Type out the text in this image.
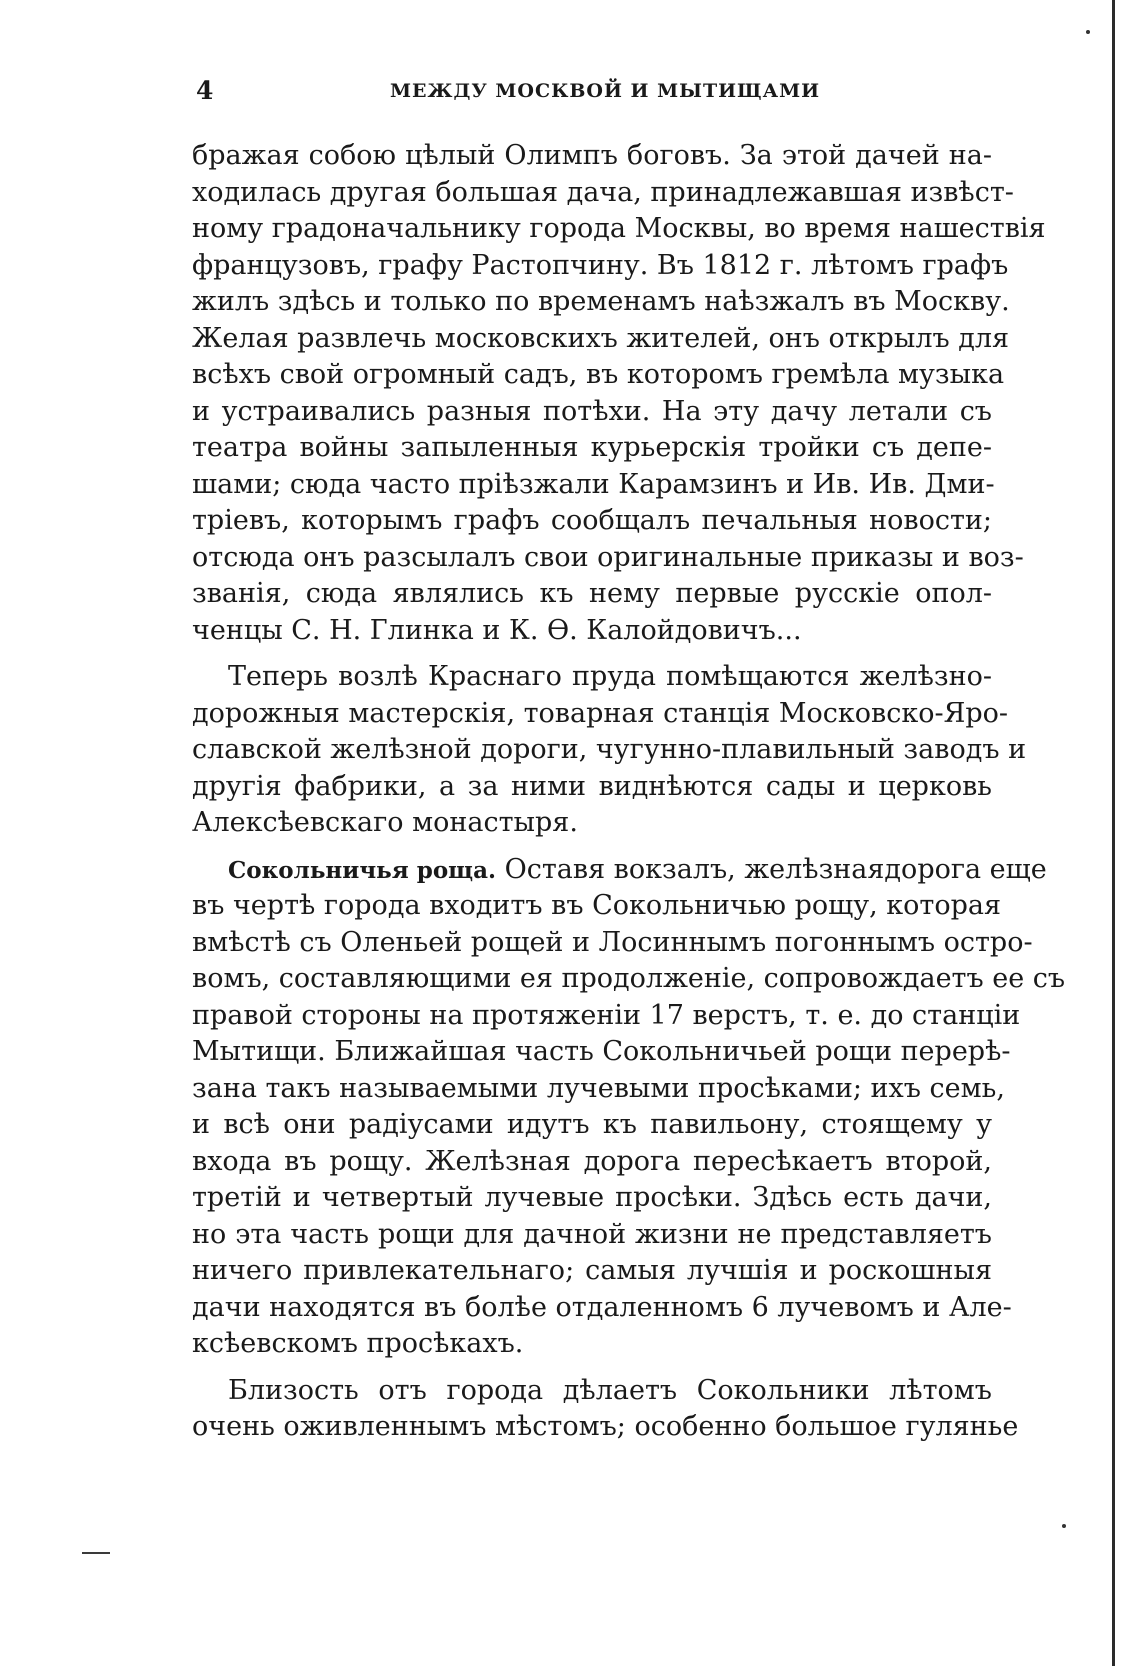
4	МЕЖДУ МОСКВОЙ И МЫТИЩАМИ
бражая собою цѣлый Олимпъ боговъ. За этой дачей на-
ходилась другая большая дача, принадлежавшая извѣст-
ному градоначальнику города Москвы, во время нашествія
французовъ, графу Растопчину. Въ 1812 г. лѣтомъ графъ
жилъ здѣсь и только по временамъ наѣзжалъ въ Москву.
Желая развлечь московскихъ жителей, онъ открылъ для
всѣхъ свой огромный садъ, въ которомъ гремѣла музыка
и устраивались разныя потѣхи. На эту дачу летали съ
театра войны запыленныя курьерскія тройки съ депе-
шами; сюда часто пріѣзжали Карамзинъ и Ив. Ив. Дми-
тріевъ, которымъ графъ сообщалъ печальныя новости;
отсюда онъ разсылалъ свои оригинальные приказы и воз-
званія, сюда являлись къ нему первые русскіе опол-
ченцы С. Н. Глинка и К. Ѳ. Калойдовичъ...
Теперь возлѣ Краснаго пруда помѣщаются желѣзно-
дорожныя мастерскія, товарная станція Московско-Яро-
славской желѣзной дороги, чугунно-плавильный заводъ и
другія фабрики, а за ними виднѣются сады и церковь
Алексѣевскаго монастыря.
Сокольничья роща. Оставя вокзалъ, желѣзнаядорога еще
въ чертѣ города входитъ въ Сокольничью рощу, которая
вмѣстѣ съ Оленьей рощей и Лосиннымъ погоннымъ остро-
вомъ, составляющими ея продолженіе, сопровождаетъ ее съ
правой стороны на протяженіи 17 верстъ, т. е. до станціи
Мытищи. Ближайшая часть Сокольничьей рощи перерѣ-
зана такъ называемыми лучевыми просѣками; ихъ семь,
и всѣ они радіусами идутъ къ павильону, стоящему у
входа въ рощу. Желѣзная дорога пересѣкаетъ второй,
третій и четвертый лучевые просѣки. Здѣсь есть дачи,
но эта часть рощи для дачной жизни не представляетъ
ничего привлекательнаго; самыя лучшія и роскошныя
дачи находятся въ болѣе отдаленномъ 6 лучевомъ и Але-
ксѣевскомъ просѣкахъ.
Близость отъ города дѣлаетъ Сокольники лѣтомъ
очень оживленнымъ мѣстомъ; особенно большое гулянье
